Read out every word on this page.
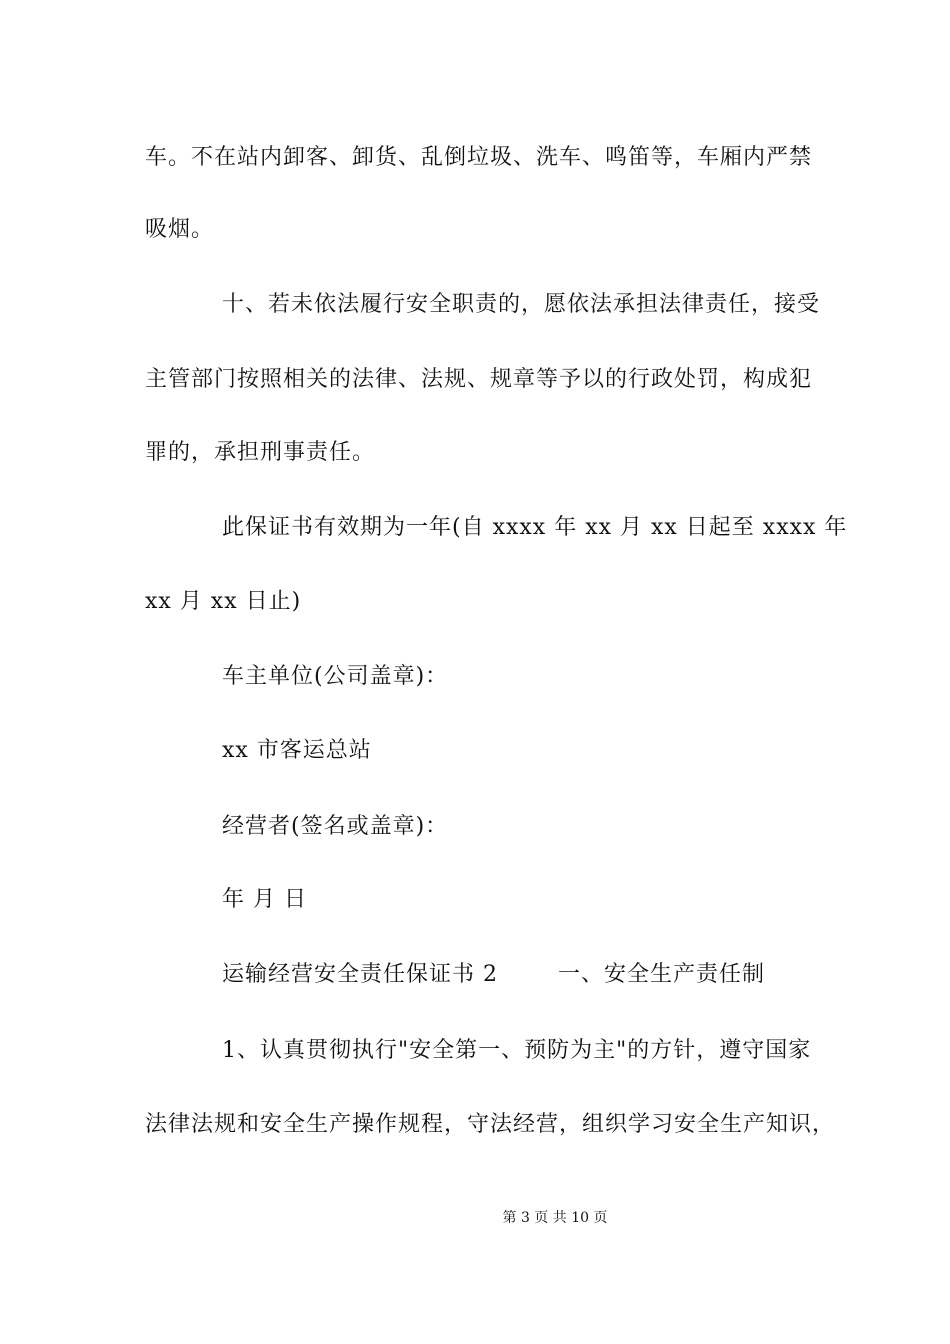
车。不在站内卸客、卸货、乱倒垃圾、洗车、鸣笛等，车厢内严禁
吸烟。
十、若未依法履行安全职责的，愿依法承担法律责任，接受
主管部门按照相关的法律、法规、规章等予以的行政处罚，构成犯
罪的，承担刑事责任。
此保证书有效期为一年(自 xxxx 年 xx 月 xx 日起至 xxxx 年
xx 月 xx 日止)
车主单位(公司盖章)：
xx 市客运总站
经营者(签名或盖章)：
年 月 日
运输经营安全责任保证书 2	一、安全生产责任制
1、认真贯彻执行"安全第一、预防为主"的方针，遵守国家
法律法规和安全生产操作规程，守法经营，组织学习安全生产知识，
第 3 页 共 10 页
